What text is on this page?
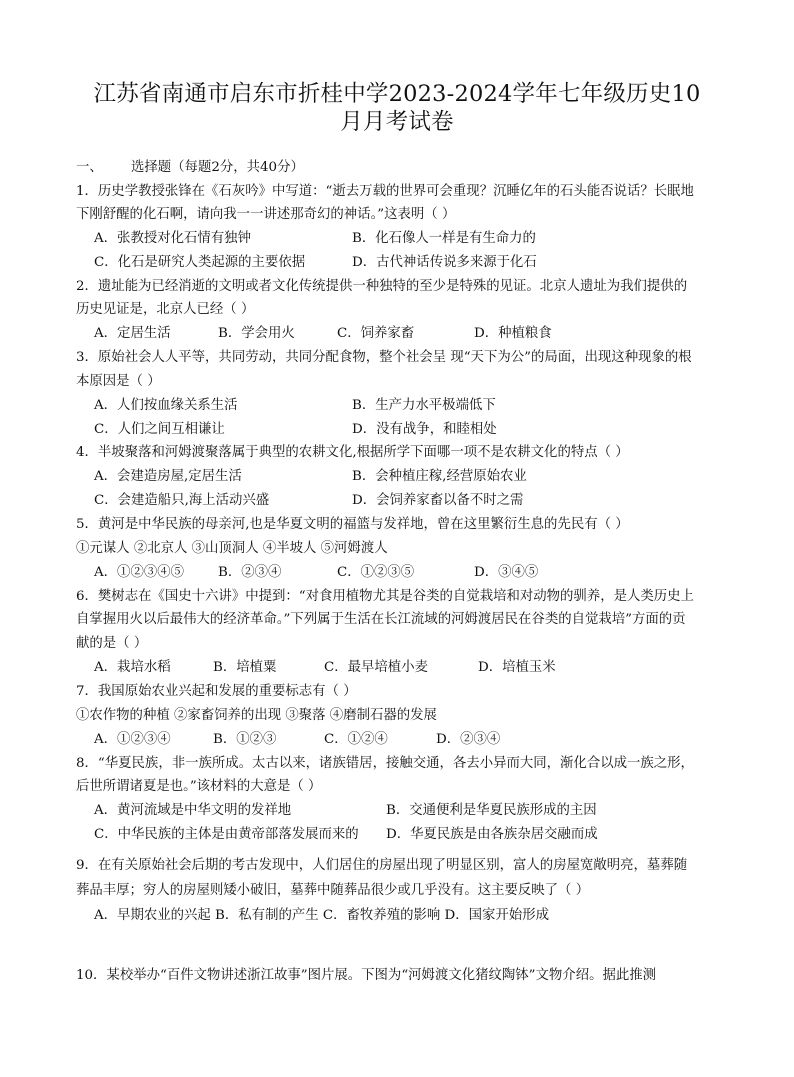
江苏省南通市启东市折桂中学2023-2024学年七年级历史10
月月考试卷
一、 选择题（每题2分，共40分）
1．历史学教授张锋在《石灰吟》中写道：“逝去万载的世界可会重现？沉睡亿年的石头能否说话？长眠地
下刚舒醒的化石啊，请向我一一讲述那奇幻的神话。”这表明（ ）
A．张教授对化石情有独钟	B．化石像人一样是有生命力的
C．化石是研究人类起源的主要依据	D．古代神话传说多来源于化石
2．遗址能为已经消逝的文明或者文化传统提供一种独特的至少是特殊的见证。北京人遗址为我们提供的
历史见证是，北京人已经（ ）
A．定居生活	B．学会用火	C．饲养家畜	D．种植粮食
3．原始社会人人平等，共同劳动，共同分配食物，整个社会呈 现“天下为公”的局面，出现这种现象的根
本原因是（ ）
A．人们按血缘关系生活	B．生产力水平极端低下
C．人们之间互相谦让	D．没有战争，和睦相处
4．半坡聚落和河姆渡聚落属于典型的农耕文化,根据所学下面哪一项不是农耕文化的特点（ ）
A．会建造房屋,定居生活	B．会种植庄稼,经营原始农业
C．会建造船只,海上活动兴盛	D．会饲养家畜以备不时之需
5．黄河是中华民族的母亲河,也是华夏文明的福篮与发祥地，曾在这里繁衍生息的先民有（ ）
①元谋人 ②北京人 ③山顶洞人 ④半坡人 ⑤河姆渡人
A．①②③④⑤	B．②③④	C．①②③⑤	D．③④⑤
6．樊树志在《国史十六讲》中提到：“对食用植物尤其是谷类的自觉栽培和对动物的驯养，是人类历史上
自掌握用火以后最伟大的经济革命。”下列属于生活在长江流域的河姆渡居民在谷类的自觉栽培”方面的贡
献的是（ ）
A．栽培水稻	B．培植粟	C．最早培植小麦	D．培植玉米
7．我国原始农业兴起和发展的重要标志有（ ）
①农作物的种植 ②家畜饲养的出现 ③聚落 ④磨制石器的发展
A．①②③④	B．①②③	C．①②④	D．②③④
8．“华夏民族，非一族所成。太古以来，诸族错居，接触交通，各去小异而大同，渐化合以成一族之形，
后世所谓诸夏是也。”该材料的大意是（ ）
A．黄河流域是中华文明的发祥地	B．交通便利是华夏民族形成的主因
C．中华民族的主体是由黄帝部落发展而来的 D．华夏民族是由各族杂居交融而成
9．在有关原始社会后期的考古发现中，人们居住的房屋出现了明显区别，富人的房屋宽敞明亮，墓葬随
葬品丰厚；穷人的房屋则矮小破旧，墓葬中随葬品很少或几乎没有。这主要反映了（ ）
A．早期农业的兴起 B．私有制的产生 C．畜牧养殖的影响 D．国家开始形成
10．某校举办“百件文物讲述浙江故事”图片展。下图为“河姆渡文化猪纹陶钵”文物介绍。据此推测
